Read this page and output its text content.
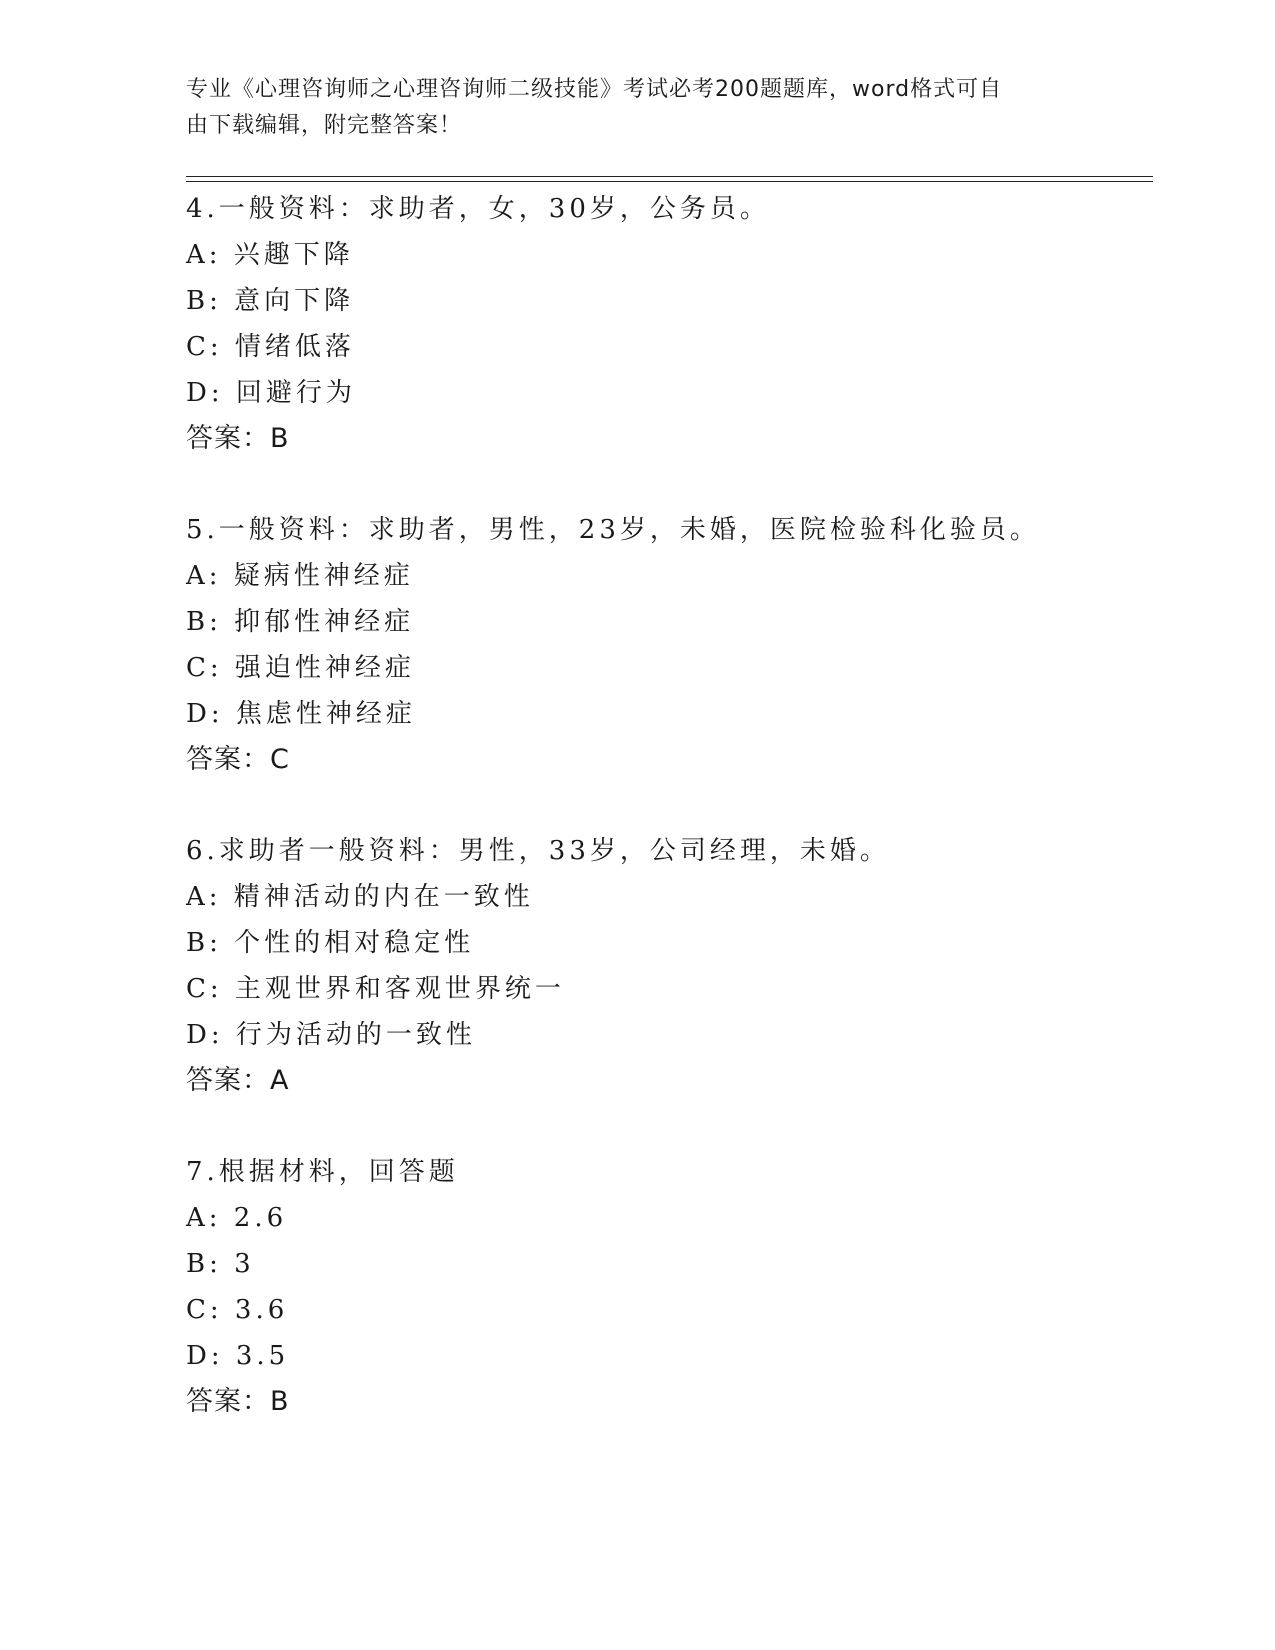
专业《心理咨询师之心理咨询师二级技能》考试必考200题题库，word格式可自
由下载编辑，附完整答案！
4.一般资料：求助者，女，30岁，公务员。
A: 兴趣下降
B: 意向下降
C: 情绪低落
D: 回避行为
答案：B
5.一般资料：求助者，男性，23岁，未婚，医院检验科化验员。
A: 疑病性神经症
B: 抑郁性神经症
C: 强迫性神经症
D: 焦虑性神经症
答案：C
6.求助者一般资料：男性，33岁，公司经理，未婚。
A: 精神活动的内在一致性
B: 个性的相对稳定性
C: 主观世界和客观世界统一
D: 行为活动的一致性
答案：A
7.根据材料，回答题
A: 2.6
B: 3
C: 3.6
D: 3.5
答案：B
